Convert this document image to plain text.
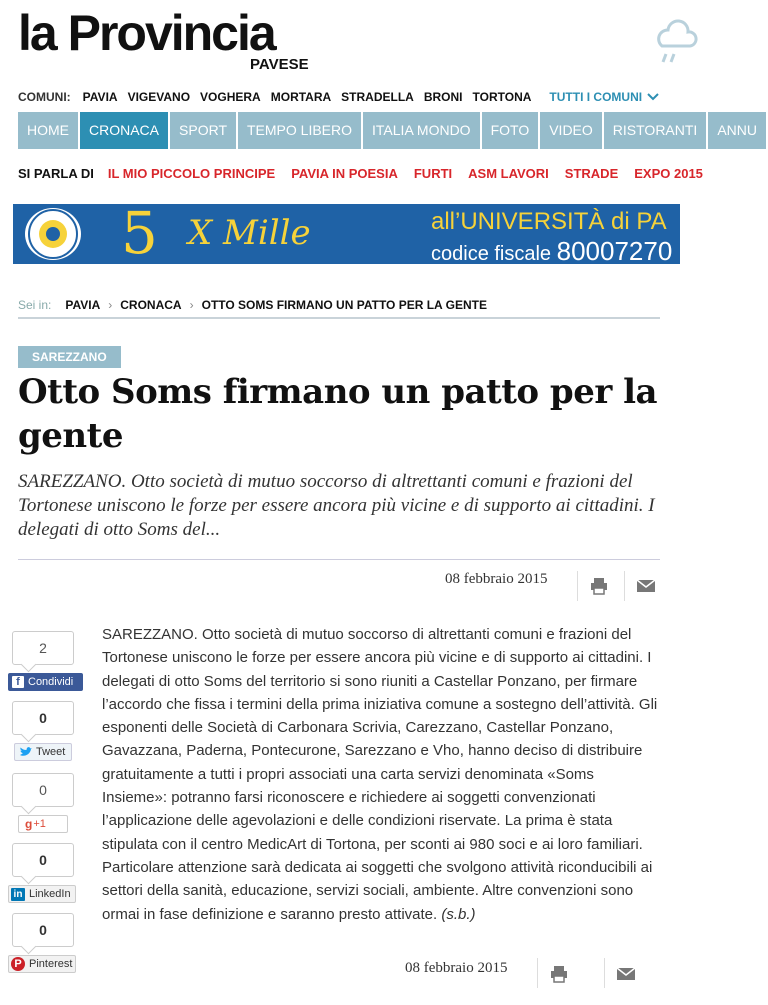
la Provincia
PAVESE
COMUNI: PAVIA VIGEVANO VOGHERA MORTARA STRADELLA BRONI TORTONA TUTTI I COMUNI
HOME	CRONACA	SPORT	TEMPO LIBERO	ITALIA MONDO	FOTO	VIDEO	RISTORANTI	ANNU
SI PARLA DI IL MIO PICCOLO PRINCIPE PAVIA IN POESIA FURTI ASM LAVORI STRADE EXPO 2015
5 X Mille	all’UNIVERSITÀ di PA
codice fiscale 80007270
Sei in: PAVIA › CRONACA › OTTO SOMS FIRMANO UN PATTO PER LA GENTE
SAREZZANO
Otto Soms firmano un patto per la gente

SAREZZANO. Otto società di mutuo soccorso di altrettanti comuni e frazioni del Tortonese uniscono le forze per essere ancora più vicine e di supporto ai cittadini. I delegati di otto Soms del...

08 febbraio 2015
2
f Condividi
0
Tweet
0
g +1
0
in LinkedIn
0
P Pinterest
SAREZZANO. Otto società di mutuo soccorso di altrettanti comuni e frazioni del Tortonese uniscono le forze per essere ancora più vicine e di supporto ai cittadini. I delegati di otto Soms del territorio si sono riuniti a Castellar Ponzano, per firmare l’accordo che fissa i termini della prima iniziativa comune a sostegno dell’attività. Gli esponenti delle Società di Carbonara Scrivia, Carezzano, Castellar Ponzano, Gavazzana, Paderna, Pontecurone, Sarezzano e Vho, hanno deciso di distribuire gratuitamente a tutti i propri associati una carta servizi denominata «Soms Insieme»: potranno farsi riconoscere e richiedere ai soggetti convenzionati l’applicazione delle agevolazioni e delle condizioni riservate. La prima è stata stipulata con il centro MedicArt di Tortona, per sconti ai 980 soci e ai loro familiari. Particolare attenzione sarà dedicata ai soggetti che svolgono attività riconducibili ai settori della sanità, educazione, servizi sociali, ambiente. Altre convenzioni sono ormai in fase definizione e saranno presto attivate. (s.b.)
08 febbraio 2015
